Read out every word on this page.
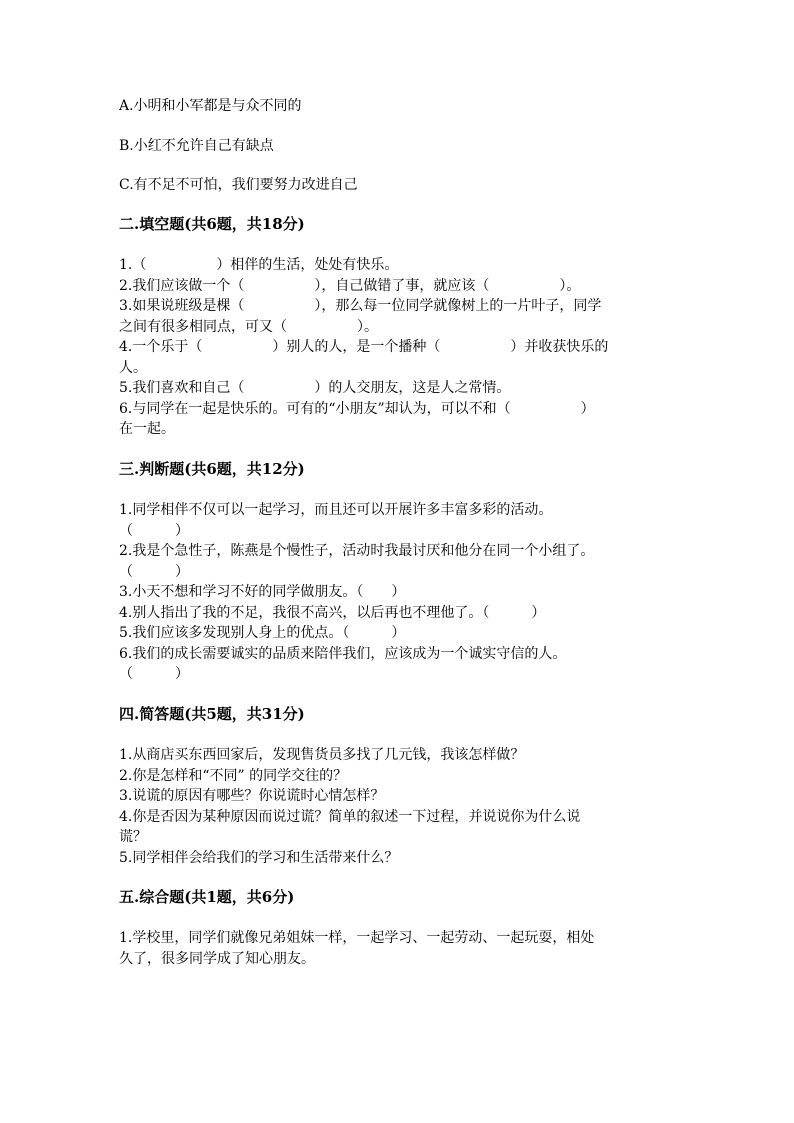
A.小明和小军都是与众不同的
B.小红不允许自己有缺点
C.有不足不可怕，我们要努力改进自己
二.填空题(共6题，共18分)
1.（　　　　　）相伴的生活，处处有快乐。
2.我们应该做一个（　　　　　），自己做错了事，就应该（　　　　　）。
3.如果说班级是棵（　　　　　），那么每一位同学就像树上的一片叶子，同学
之间有很多相同点，可又（　　　　　）。
4.一个乐于（　　　　　）别人的人，是一个播种（　　　　　）并收获快乐的
人。
5.我们喜欢和自己（　　　　　）的人交朋友，这是人之常情。
6.与同学在一起是快乐的。可有的“小朋友”却认为，可以不和（　　　　　）
在一起。
三.判断题(共6题，共12分)
1.同学相伴不仅可以一起学习，而且还可以开展许多丰富多彩的活动。
（　　　）
2.我是个急性子，陈燕是个慢性子，活动时我最讨厌和他分在同一个小组了。
（　　　）
3.小天不想和学习不好的同学做朋友。（　　）
4.别人指出了我的不足，我很不高兴，以后再也不理他了。（　　　）
5.我们应该多发现别人身上的优点。（　　　）
6.我们的成长需要诚实的品质来陪伴我们，应该成为一个诚实守信的人。
（　　　）
四.简答题(共5题，共31分)
1.从商店买东西回家后，发现售货员多找了几元钱，我该怎样做？
2.你是怎样和“不同” 的同学交往的？
3.说谎的原因有哪些？你说谎时心情怎样？
4.你是否因为某种原因而说过谎？简单的叙述一下过程，并说说你为什么说
谎？
5.同学相伴会给我们的学习和生活带来什么？
五.综合题(共1题，共6分)
1.学校里，同学们就像兄弟姐妹一样，一起学习、一起劳动、一起玩耍，相处
久了，很多同学成了知心朋友。
